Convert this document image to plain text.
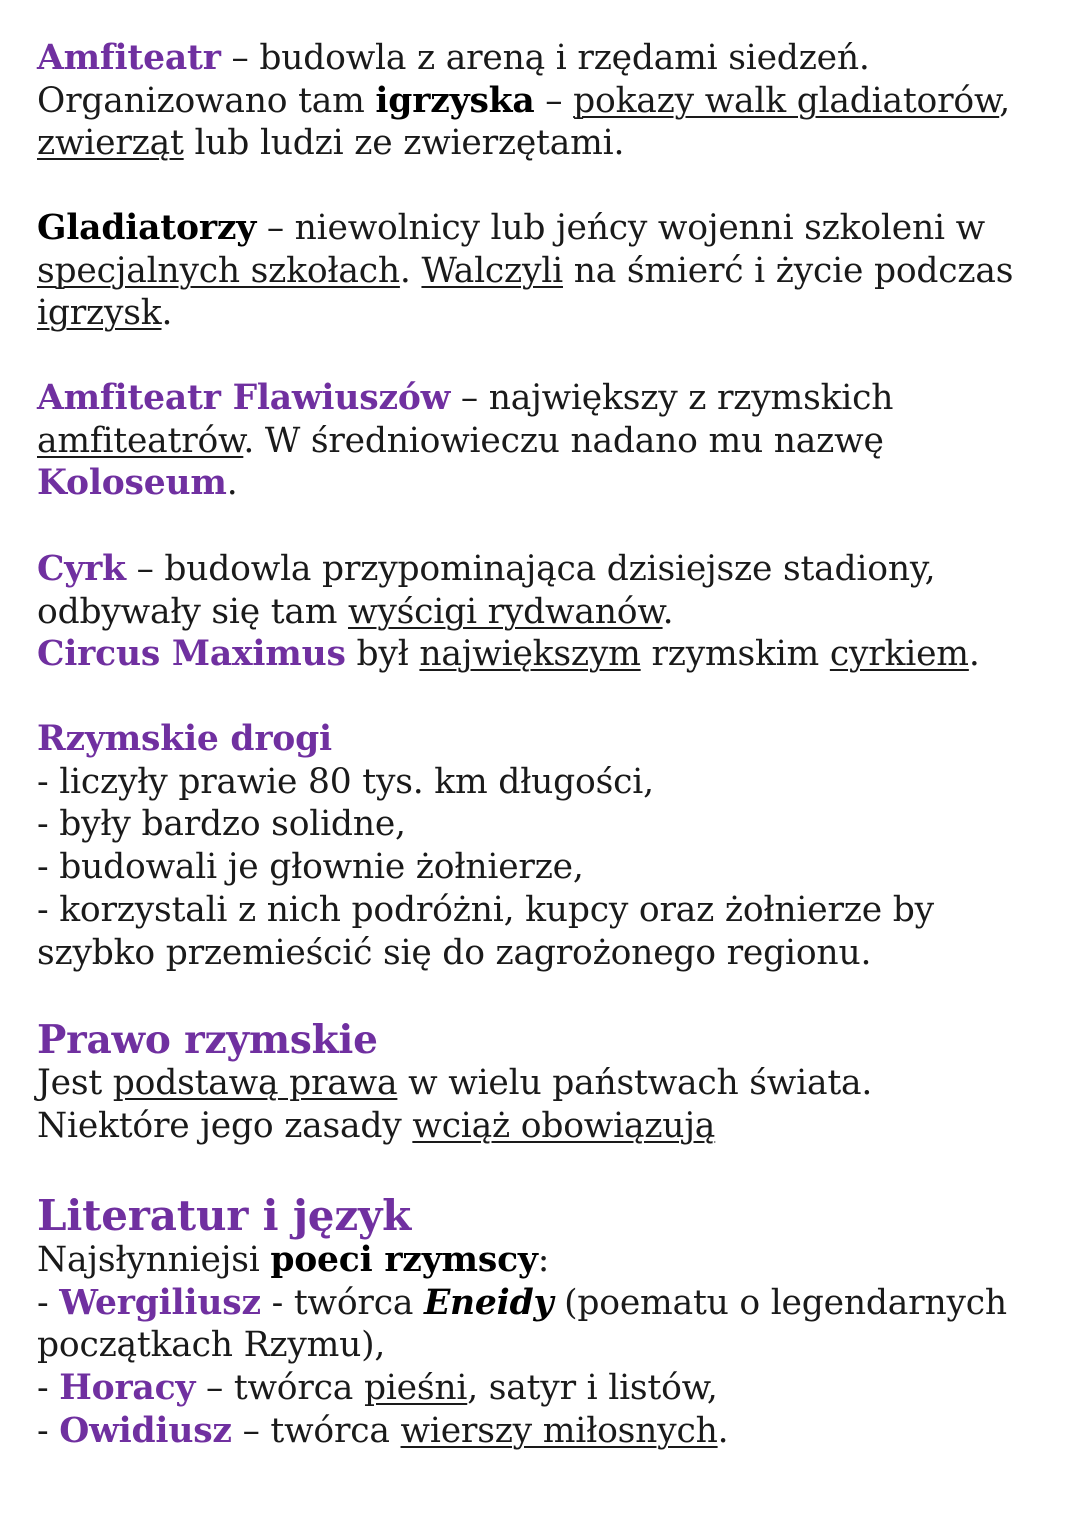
Amfiteatr – budowla z areną i rzędami siedzeń.
Organizowano tam igrzyska – pokazy walk gladiatorów,
zwierząt lub ludzi ze zwierzętami.
Gladiatorzy – niewolnicy lub jeńcy wojenni szkoleni w
specjalnych szkołach. Walczyli na śmierć i życie podczas
igrzysk.
Amfiteatr Flawiuszów – największy z rzymskich
amfiteatrów. W średniowieczu nadano mu nazwę
Koloseum.
Cyrk – budowla przypominająca dzisiejsze stadiony,
odbywały się tam wyścigi rydwanów.
Circus Maximus był największym rzymskim cyrkiem.
Rzymskie drogi
- liczyły prawie 80 tys. km długości,
- były bardzo solidne,
- budowali je głownie żołnierze,
- korzystali z nich podróżni, kupcy oraz żołnierze by
szybko przemieścić się do zagrożonego regionu.
Prawo rzymskie
Jest podstawą prawa w wielu państwach świata.
Niektóre jego zasady wciąż obowiązują
Literatur i język
Najsłynniejsi poeci rzymscy:
- Wergiliusz - twórca Eneidy (poematu o legendarnych
początkach Rzymu),
- Horacy – twórca pieśni, satyr i listów,
- Owidiusz – twórca wierszy miłosnych.
